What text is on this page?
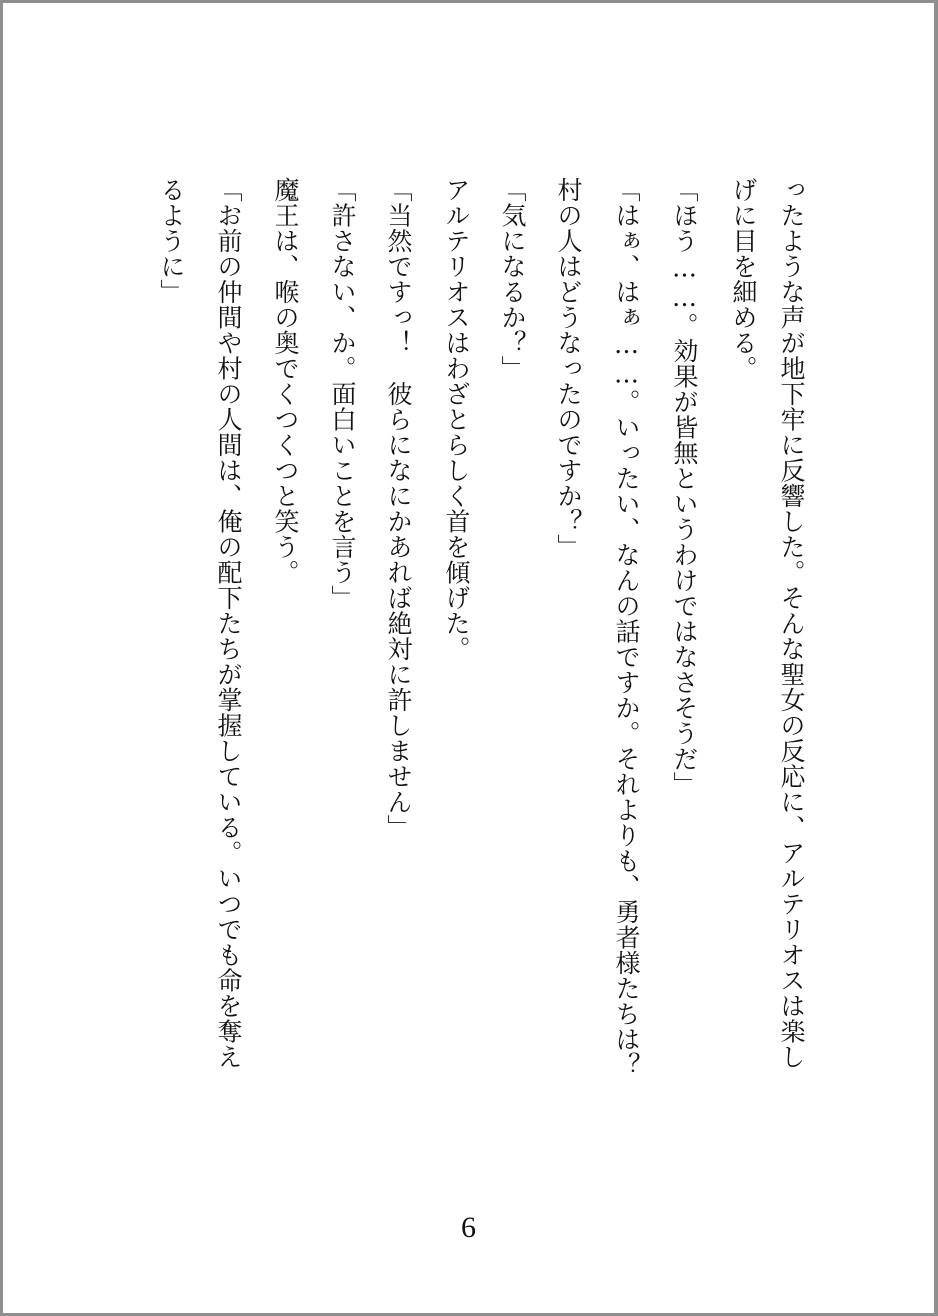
ったような声が地下牢に反響した。そんな聖女の反応に、アルテリオスは楽し
げに目を細める。
「ほう……。効果が皆無というわけではなさそうだ」
「はぁ、はぁ……。いったい、なんの話ですか。それよりも、勇者様たちは？
村の人はどうなったのですか？」
「気になるか？」
アルテリオスはわざとらしく首を傾げた。
「当然ですっ！　彼らになにかあれば絶対に許しません」
「許さない、か。面白いことを言う」
魔王は、喉の奥でくつくつと笑う。
「お前の仲間や村の人間は、俺の配下たちが掌握している。いつでも命を奪え
るように」
6
